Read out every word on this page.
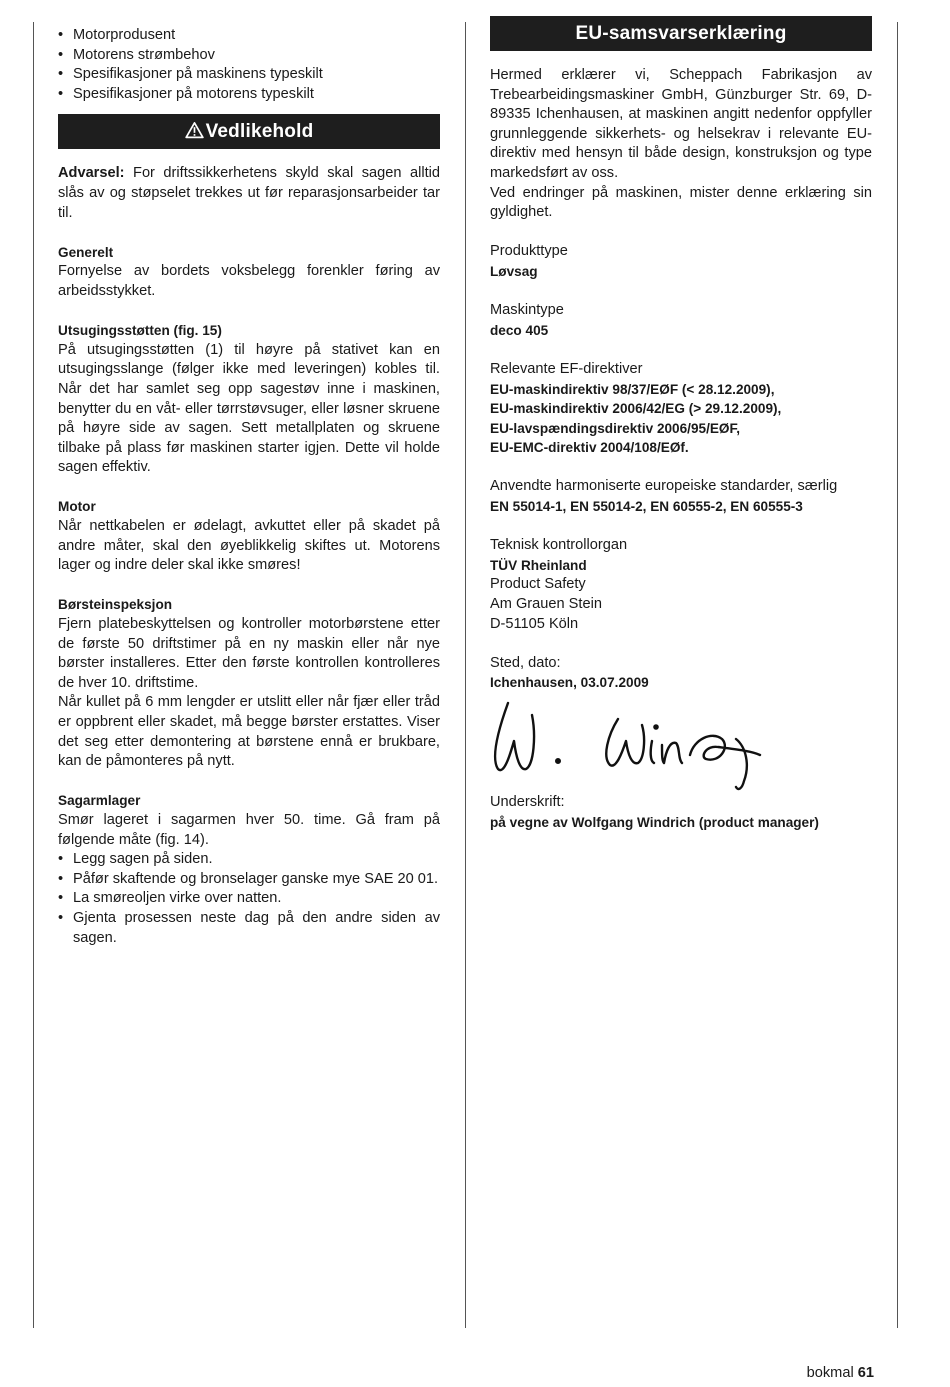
• Motorprodusent
• Motorens strømbehov
• Spesifikasjoner på maskinens typeskilt
• Spesifikasjoner på motorens typeskilt
Vedlikehold

Advarsel: For driftssikkerhetens skyld skal sagen alltid slås av og støpselet trekkes ut før reparasjonsarbeider tar til.

Generelt

Fornyelse av bordets voksbelegg forenkler føring av arbeidsstykket.

Utsugingsstøtten (fig. 15)

På utsugingsstøtten (1) til høyre på stativet kan en utsugingsslange (følger ikke med leveringen) kobles til. Når det har samlet seg opp sagestøv inne i maskinen, benytter du en våt- eller tørrstøvsuger, eller løsner skruene på høyre side av sagen. Sett metallplaten og skruene tilbake på plass før maskinen starter igjen. Dette vil holde sagen effektiv.

Motor

Når nettkabelen er ødelagt, avkuttet eller på skadet på andre måter, skal den øyeblikkelig skiftes ut. Motorens lager og indre deler skal ikke smøres!

Børsteinspeksjon

Fjern platebeskyttelsen og kontroller motorbørstene etter de første 50 driftstimer på en ny maskin eller når nye børster installeres. Etter den første kontrollen kontrolleres de hver 10. driftstime.

Når kullet på 6 mm lengder er utslitt eller når fjær eller tråd er oppbrent eller skadet, må begge børster erstattes. Viser det seg etter demontering at børstene ennå er brukbare, kan de påmonteres på nytt.

Sagarmlager

Smør lageret i sagarmen hver 50. time. Gå fram på følgende måte (fig. 14).

• Legg sagen på siden.
• Påfør skaftende og bronselager ganske mye SAE 20 01.
• La smøreoljen virke over natten.
• Gjenta prosessen neste dag på den andre siden av sagen.
EU-samsvarserklæring

Hermed erklærer vi, Scheppach Fabrikasjon av Trebearbeidingsmaskiner GmbH, Günzburger Str. 69, D-89335 Ichenhausen, at maskinen angitt nedenfor oppfyller grunnleggende sikkerhets- og helsekrav i relevante EU-direktiv med hensyn til både design, konstruksjon og type markedsført av oss.

Ved endringer på maskinen, mister denne erklæring sin gyldighet.

Produkttype

Løvsag

Maskintype

deco 405

Relevante EF-direktiver

EU-maskindirektiv 98/37/EØF (< 28.12.2009),

EU-maskindirektiv 2006/42/EG (> 29.12.2009),

EU-lavspændingsdirektiv 2006/95/EØF,

EU-EMC-direktiv 2004/108/EØf.

Anvendte harmoniserte europeiske standarder, særlig

EN 55014-1, EN 55014-2, EN 60555-2, EN 60555-3

Teknisk kontrollorgan

TÜV Rheinland

Product Safety

Am Grauen Stein

D-51105 Köln

Sted, dato:

Ichenhausen, 03.07.2009

Underskrift:

på vegne av Wolfgang Windrich (product manager)

bokmal 61
